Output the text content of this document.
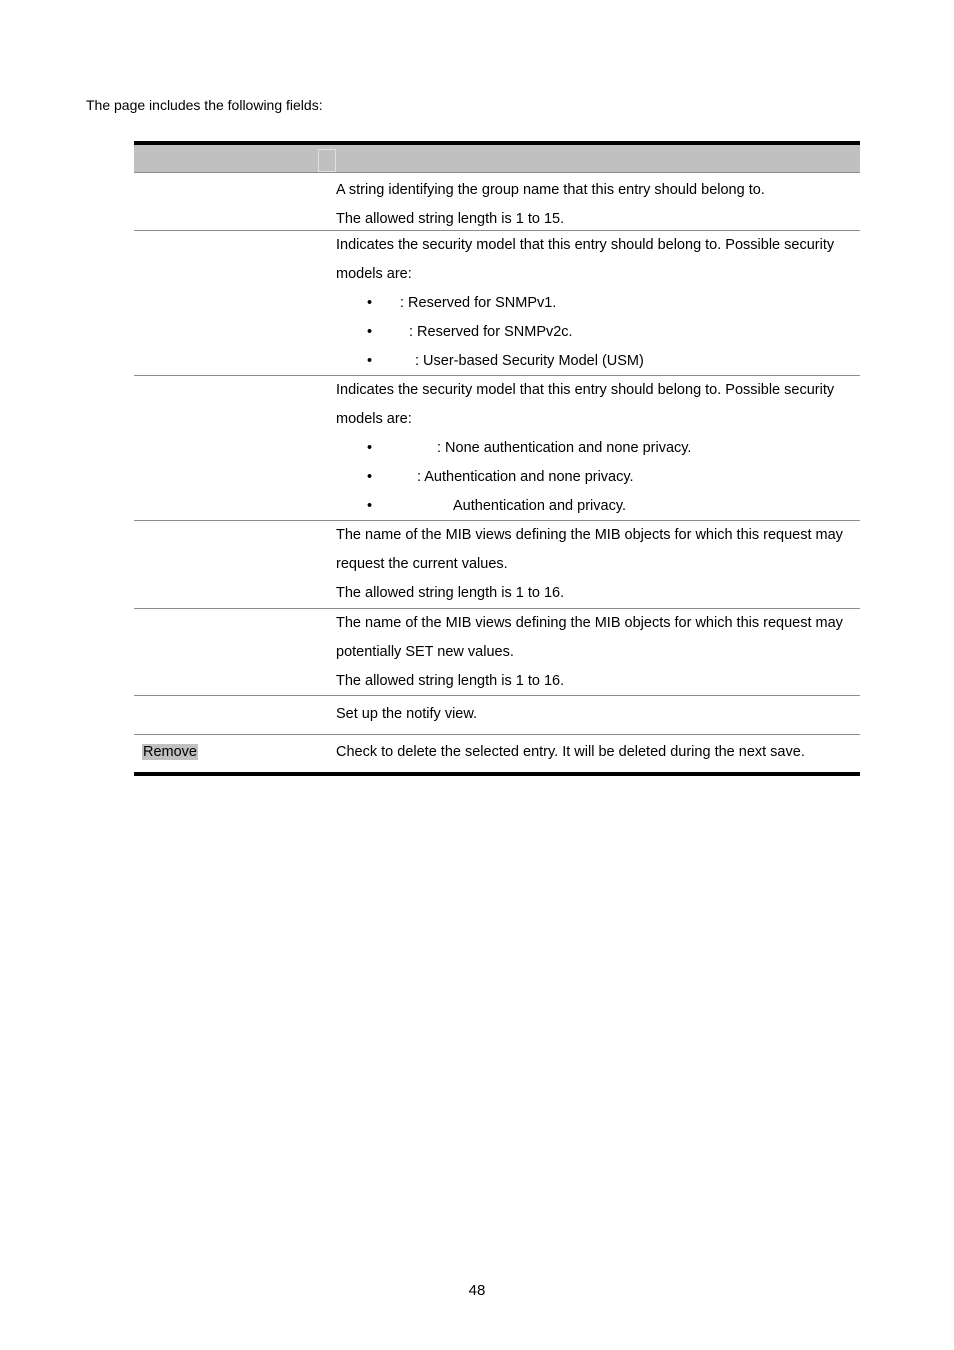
The page includes the following fields:
A string identifying the group name that this entry should belong to.
The allowed string length is 1 to 15.
Indicates the security model that this entry should belong to. Possible security
models are:
• : Reserved for SNMPv1.
•	: Reserved for SNMPv2c.
•	: User-based Security Model (USM)
Indicates the security model that this entry should belong to. Possible security
models are:
•	: None authentication and none privacy.
•	: Authentication and none privacy.
•	Authentication and privacy.
The name of the MIB views defining the MIB objects for which this request may
request the current values.
The allowed string length is 1 to 16.
The name of the MIB views defining the MIB objects for which this request may
potentially SET new values.
The allowed string length is 1 to 16.
Set up the notify view.
Remove	Check to delete the selected entry. It will be deleted during the next save.
48
